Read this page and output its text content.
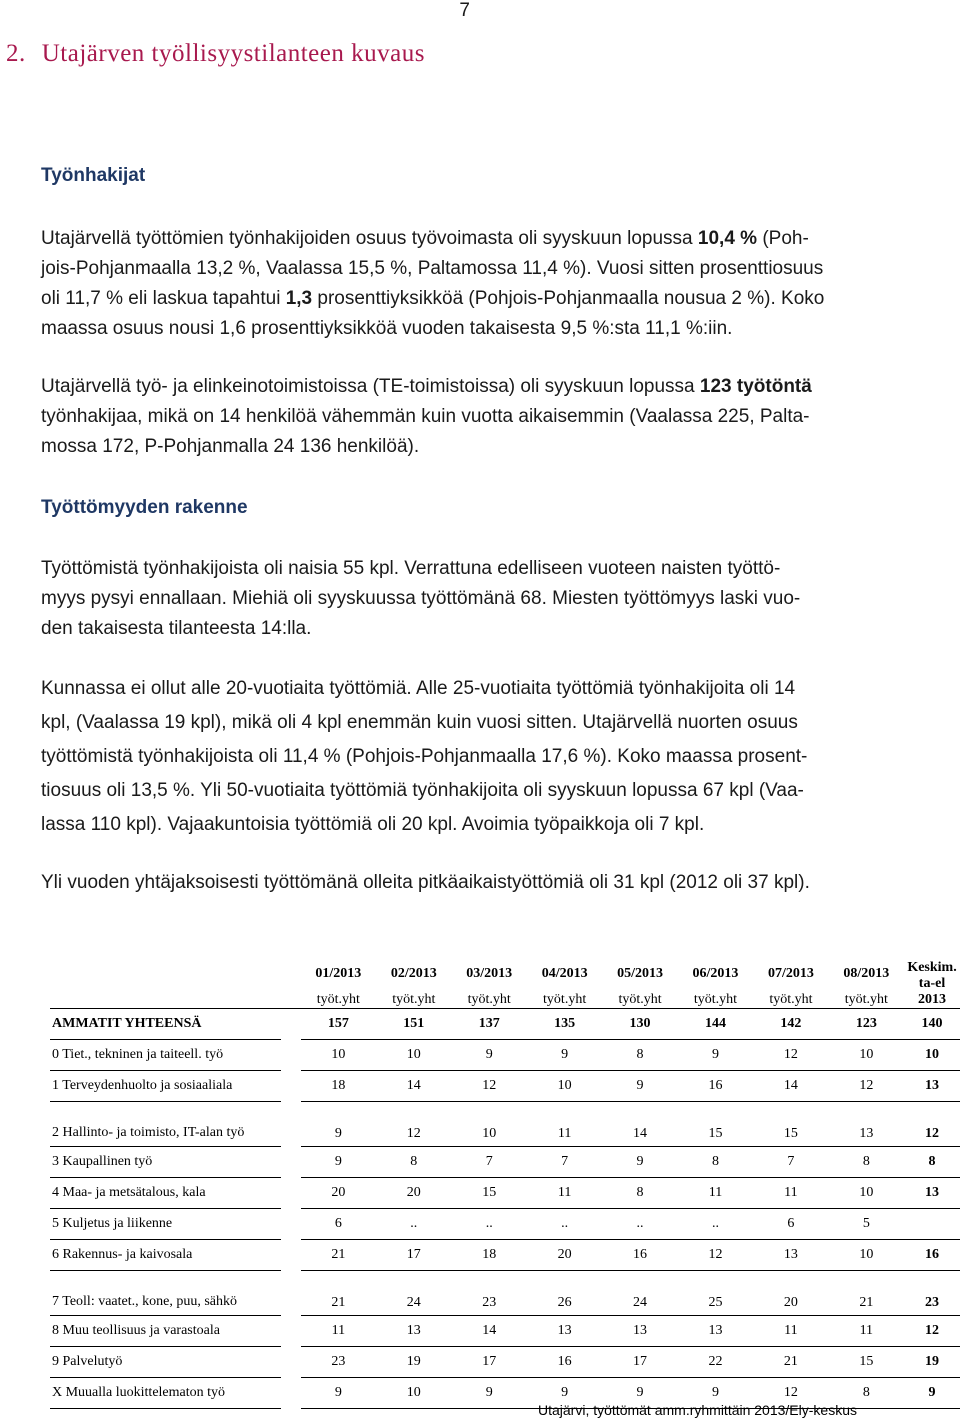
7
2. Utajärven työllisyystilanteen kuvaus
Työnhakijat

Utajärvellä työttömien työnhakijoiden osuus työvoimasta oli syyskuun lopussa 10,4 % (Poh-
jois-Pohjanmaalla 13,2 %, Vaalassa 15,5 %, Paltamossa 11,4 %). Vuosi sitten prosenttiosuus
oli 11,7 % eli laskua tapahtui 1,3 prosenttiyksikköä (Pohjois-Pohjanmaalla nousua 2 %). Koko
maassa osuus nousi 1,6 prosenttiyksikköä vuoden takaisesta 9,5 %:sta 11,1 %:iin.

Utajärvellä työ- ja elinkeinotoimistoissa (TE-toimistoissa) oli syyskuun lopussa 123 työtöntä
työnhakijaa, mikä on 14 henkilöä vähemmän kuin vuotta aikaisemmin (Vaalassa 225, Palta-
mossa 172, P-Pohjanmalla 24 136 henkilöä).

Työttömyyden rakenne

Työttömistä työnhakijoista oli naisia 55 kpl. Verrattuna edelliseen vuoteen naisten työttö-
myys pysyi ennallaan. Miehiä oli syyskuussa työttömänä 68. Miesten työttömyys laski vuo-
den takaisesta tilanteesta 14:lla.

Kunnassa ei ollut alle 20-vuotiaita työttömiä. Alle 25-vuotiaita työttömiä työnhakijoita oli 14
kpl, (Vaalassa 19 kpl), mikä oli 4 kpl enemmän kuin vuosi sitten. Utajärvellä nuorten osuus
työttömistä työnhakijoista oli 11,4 % (Pohjois-Pohjanmaalla 17,6 %). Koko maassa prosent-
tiosuus oli 13,5 %. Yli 50-vuotiaita työttömiä työnhakijoita oli syyskuun lopussa 67 kpl (Vaa-
lassa 110 kpl). Vajaakuntoisia työttömiä oli 20 kpl. Avoimia työpaikkoja oli 7 kpl.

Yli vuoden yhtäjaksoisesti työttömänä olleita pitkäaikaistyöttömiä oli 31 kpl (2012 oli 37 kpl).

		01/2013	02/2013	03/2013	04/2013	05/2013	06/2013	07/2013	08/2013	Keskim.
ta-el
2013

		työt.yht	työt.yht	työt.yht	työt.yht	työt.yht	työt.yht	työt.yht	työt.yht	
AMMATIT YHTEENSÄ		157	151	137	135	130	144	142	123	140
0 Tiet., tekninen ja taiteell. työ		10	10	9	9	8	9	12	10	10
1 Terveydenhuolto ja sosiaaliala		18	14	12	10	9	16	14	12	13
2 Hallinto- ja toimisto, IT-alan työ		9	12	10	11	14	15	15	13	12
3 Kaupallinen työ		9	8	7	7	9	8	7	8	8
4 Maa- ja metsätalous, kala		20	20	15	11	8	11	11	10	13
5 Kuljetus ja liikenne		6	..	..	..	..	..	6	5	
6 Rakennus- ja kaivosala		21	17	18	20	16	12	13	10	16
7 Teoll: vaatet., kone, puu, sähkö		21	24	23	26	24	25	20	21	23
8 Muu teollisuus ja varastoala		11	13	14	13	13	13	11	11	12
9 Palvelutyö		23	19	17	16	17	22	21	15	19
X Muualla luokittelematon työ		9	10	9	9	9	9	12	8	9
Utajärvi, työttömät amm.ryhmittäin 2013/Ely-keskus
